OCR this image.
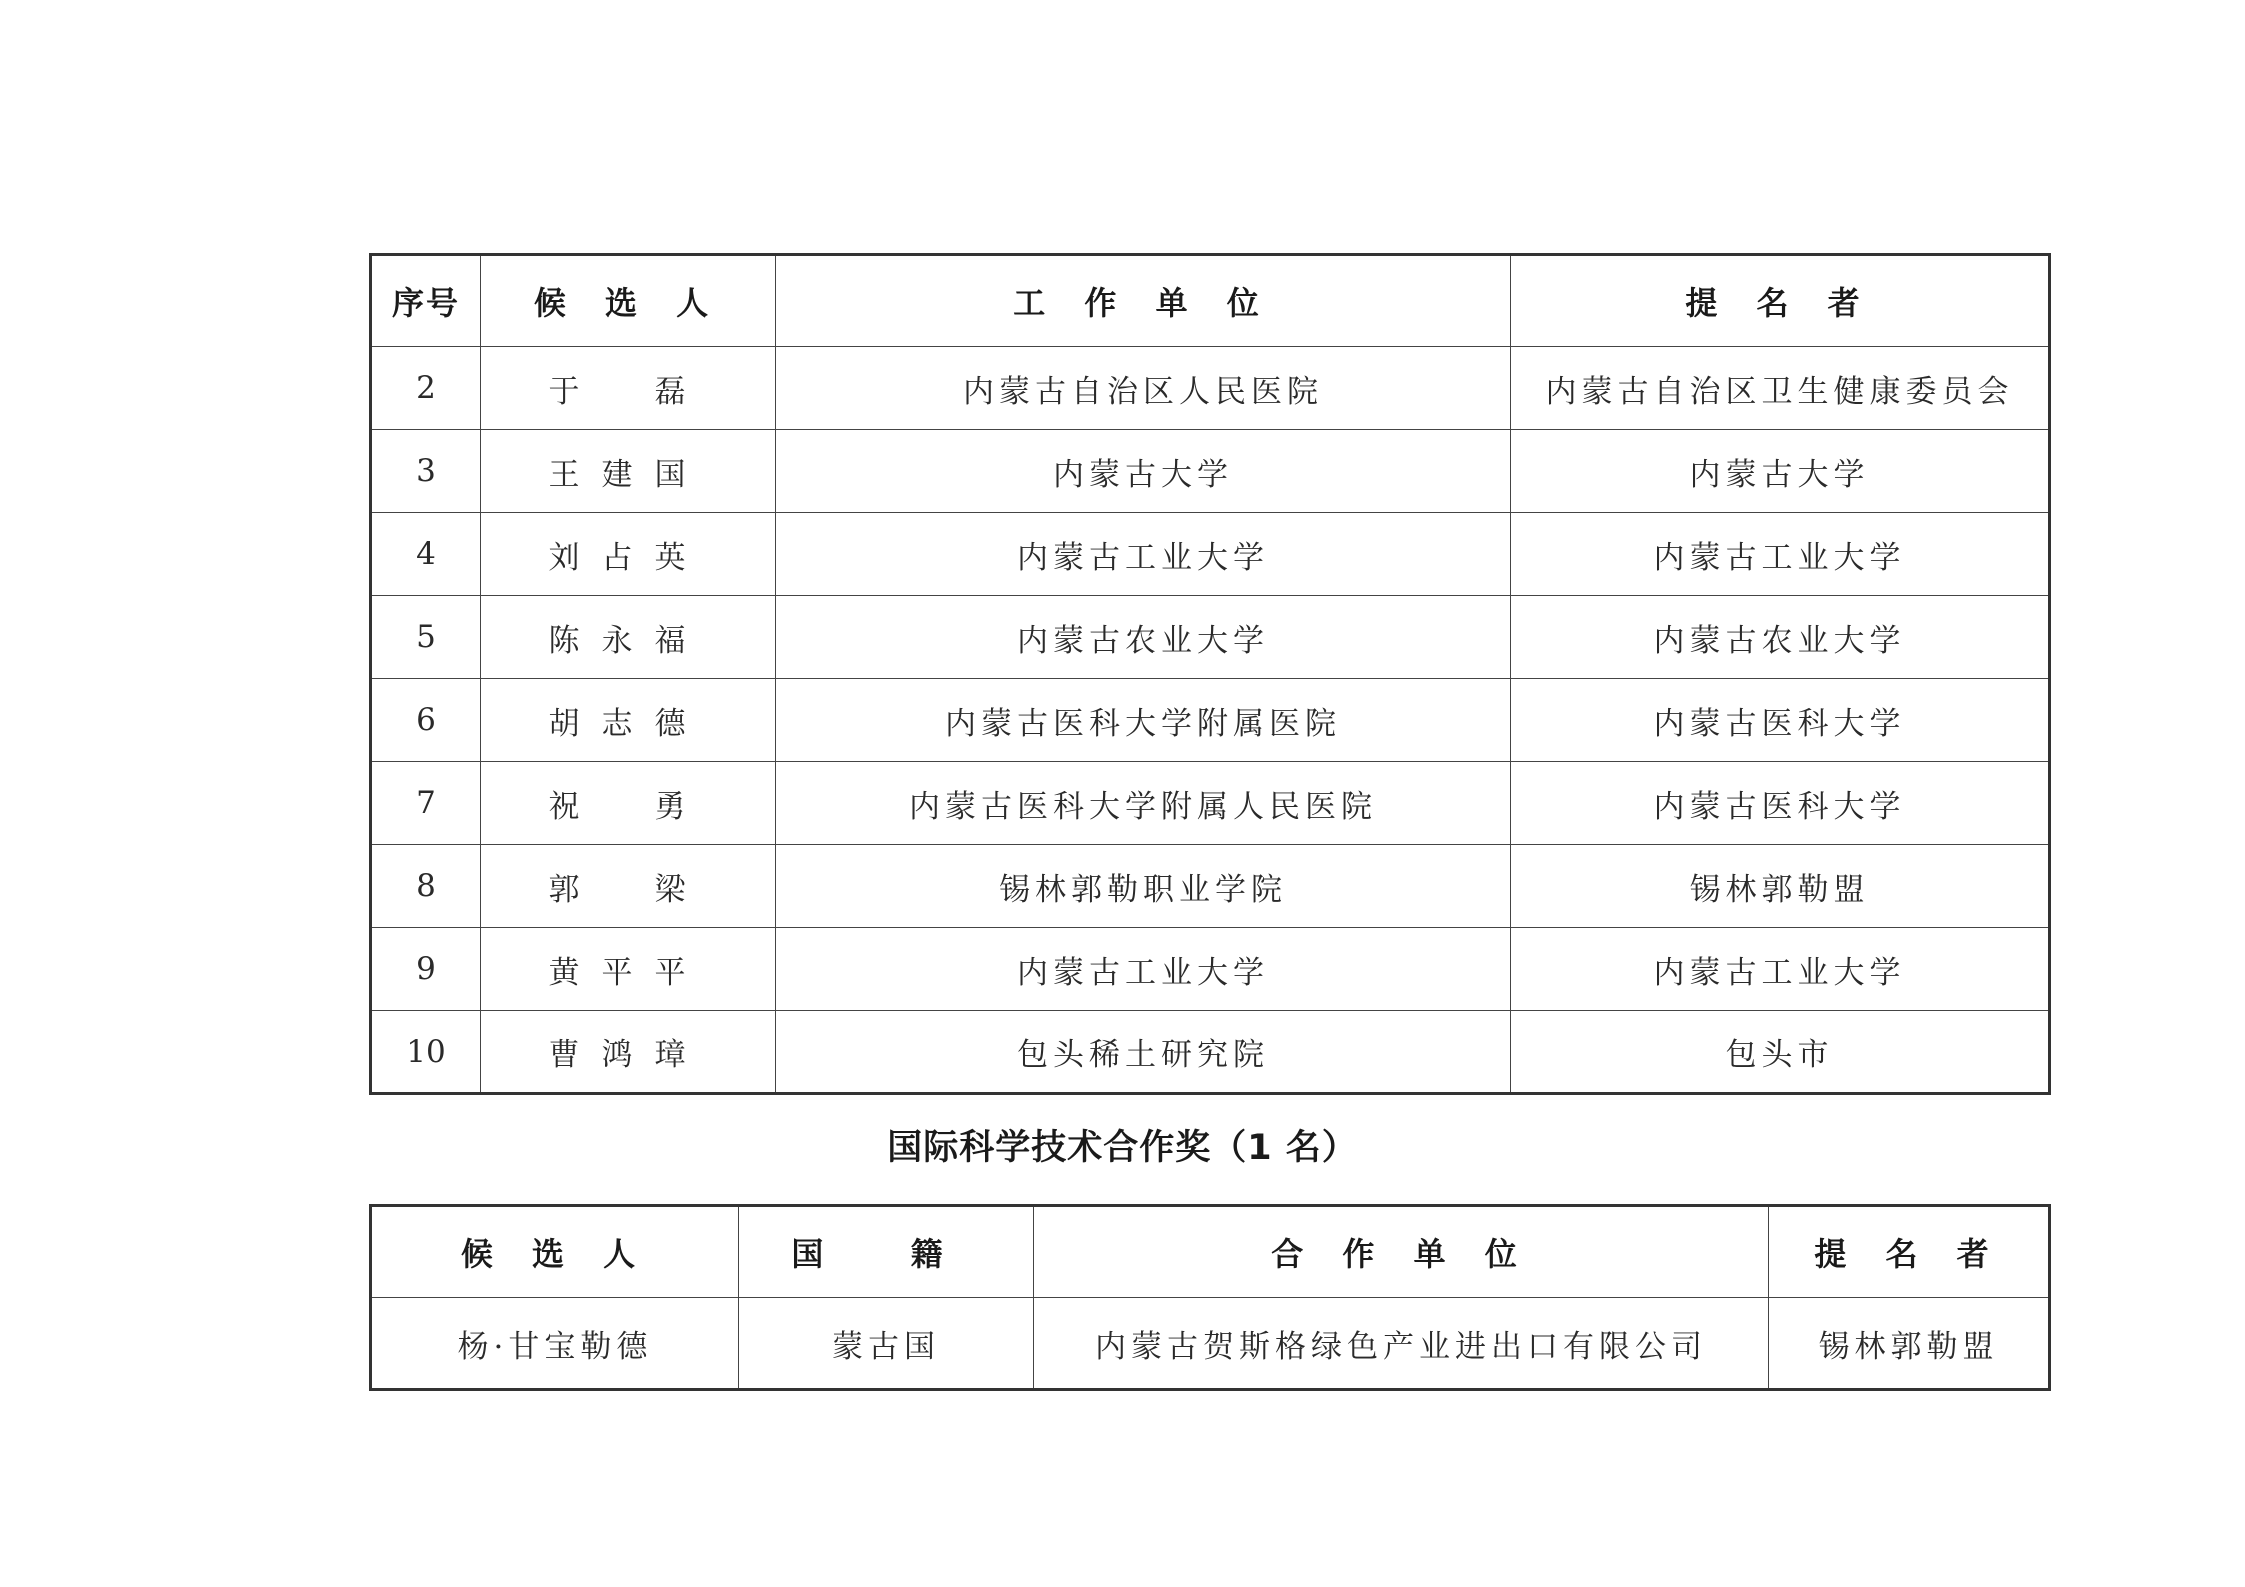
序号	候 选 人	工 作 单 位	提 名 者
2	于　磊	内蒙古自治区人民医院	内蒙古自治区卫生健康委员会
3	王建国	内蒙古大学	内蒙古大学
4	刘占英	内蒙古工业大学	内蒙古工业大学
5	陈永福	内蒙古农业大学	内蒙古农业大学
6	胡志德	内蒙古医科大学附属医院	内蒙古医科大学
7	祝　勇	内蒙古医科大学附属人民医院	内蒙古医科大学
8	郭　梁	锡林郭勒职业学院	锡林郭勒盟
9	黄平平	内蒙古工业大学	内蒙古工业大学
10	曹鸿璋	包头稀土研究院	包头市
国际科学技术合作奖（1 名）
候 选 人	国 籍	合 作 单 位	提 名 者
杨·甘宝勒德	蒙古国	内蒙古贺斯格绿色产业进出口有限公司	锡林郭勒盟
